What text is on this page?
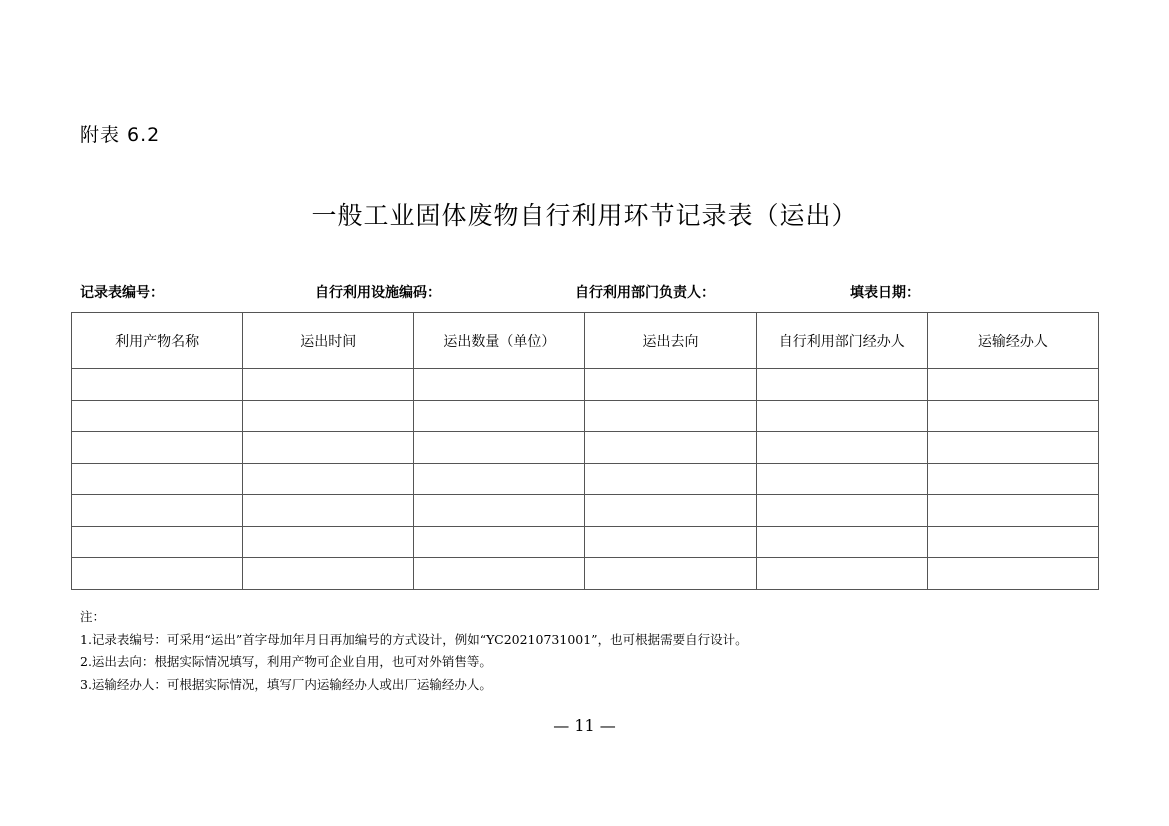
附表 6.2
一般工业固体废物自行利用环节记录表（运出）
记录表编号：	自行利用设施编码：	自行利用部门负责人：	填表日期：
利用产物名称	运出时间	运出数量（单位）	运出去向	自行利用部门经办人	运输经办人

注：
1.记录表编号：可采用“运出”首字母加年月日再加编号的方式设计，例如“YC20210731001”，也可根据需要自行设计。
2.运出去向：根据实际情况填写，利用产物可企业自用，也可对外销售等。
3.运输经办人：可根据实际情况，填写厂内运输经办人或出厂运输经办人。
— 11 —
